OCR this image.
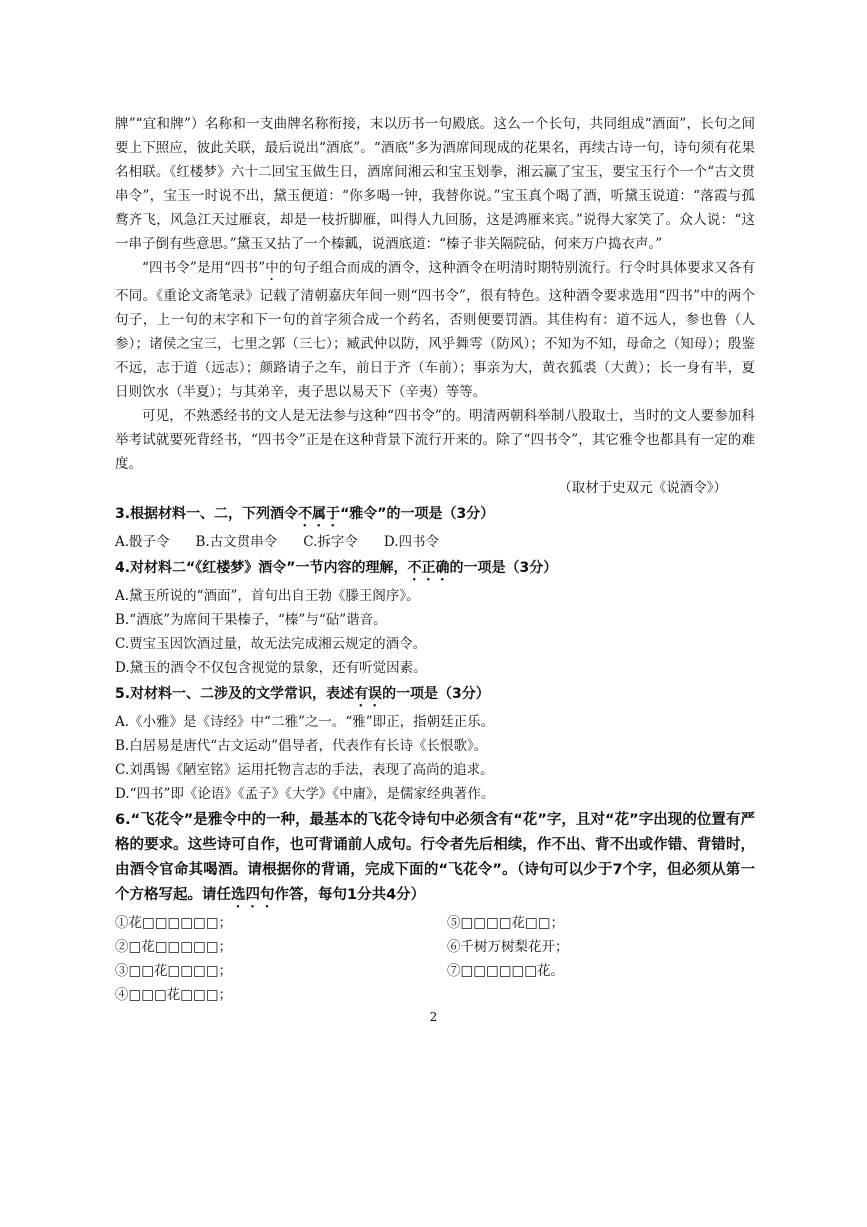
牌”“宜和牌”）名称和一支曲牌名称衔接，末以历书一句殿底。这么一个长句，共同组成“酒面”，长句之间要上下照应，彼此关联，最后说出“酒底”。“酒底”多为酒席间现成的花果名，再续古诗一句，诗句须有花果名相联。《红楼梦》六十二回宝玉做生日，酒席间湘云和宝玉划拳，湘云赢了宝玉，要宝玉行个一个“古文贯串令”，宝玉一时说不出，黛玉便道：“你多喝一钟，我替你说。”宝玉真个喝了酒，听黛玉说道：“落霞与孤鹜齐飞，风急江天过雁哀，却是一枝折脚雁，叫得人九回肠，这是鸿雁来宾。”说得大家笑了。众人说：“这一串子倒有些意思。”黛玉又拈了一个榛瓤，说酒底道：“榛子非关隔院砧，何来万户捣衣声。”

“四书令”是用“四书”中的句子组合而成的酒令，这种酒令在明清时期特别流行。行令时具体要求又各有不同。《重论文斋笔录》记载了清朝嘉庆年间一则“四书令”，很有特色。这种酒令要求选用“四书”中的两个句子，上一句的末字和下一句的首字须合成一个药名，否则便要罚酒。其佳构有：道不远人，参也鲁（人参）；诸侯之宝三，七里之郭（三七）；臧武仲以防，风乎舞雩（防风）；不知为不知，母命之（知母）；殷鉴不远，志于道（远志）；颜路请子之车，前日于齐（车前）；事亲为大，黄衣狐裘（大黄）；长一身有半，夏日则饮水（半夏）；与其弟辛，夷子思以易天下（辛夷）等等。

可见，不熟悉经书的文人是无法参与这种“四书令”的。明清两朝科举制八股取士，当时的文人要参加科举考试就要死背经书，“四书令”正是在这种背景下流行开来的。除了“四书令”，其它雅令也都具有一定的难度。

（取材于史双元《说酒令》）

3.根据材料一、二，下列酒令不属于“雅令”的一项是（3分）

A.骰子令 B.古文贯串令 C.拆字令 D.四书令

4.对材料二“《红楼梦》酒令”一节内容的理解，不正确的一项是（3分）

A.黛玉所说的“酒面”，首句出自王勃《滕王阁序》。

B.“酒底”为席间干果榛子，“榛”与“砧”谐音。

C.贾宝玉因饮酒过量，故无法完成湘云规定的酒令。

D.黛玉的酒令不仅包含视觉的景象，还有听觉因素。

5.对材料一、二涉及的文学常识，表述有误的一项是（3分）

A.《小雅》是《诗经》中“二雅”之一。“雅”即正，指朝廷正乐。

B.白居易是唐代“古文运动”倡导者，代表作有长诗《长恨歌》。

C.刘禹锡《陋室铭》运用托物言志的手法，表现了高尚的追求。

D.“四书”即《论语》《孟子》《大学》《中庸》，是儒家经典著作。

6.“飞花令”是雅令中的一种，最基本的飞花令诗句中必须含有“花”字，且对“花”字出现的位置有严格的要求。这些诗可自作，也可背诵前人成句。行令者先后相续，作不出、背不出或作错、背错时，由酒令官命其喝酒。请根据你的背诵，完成下面的“飞花令”。（诗句可以少于7个字，但必须从第一个方格写起。请任选四句作答，每句1分共4分）

①花□□□□□□；	⑤□□□□花□□；
②□花□□□□□；	⑥千树万树梨花开；
③□□花□□□□；	⑦□□□□□□花。
④□□□花□□□；
2
